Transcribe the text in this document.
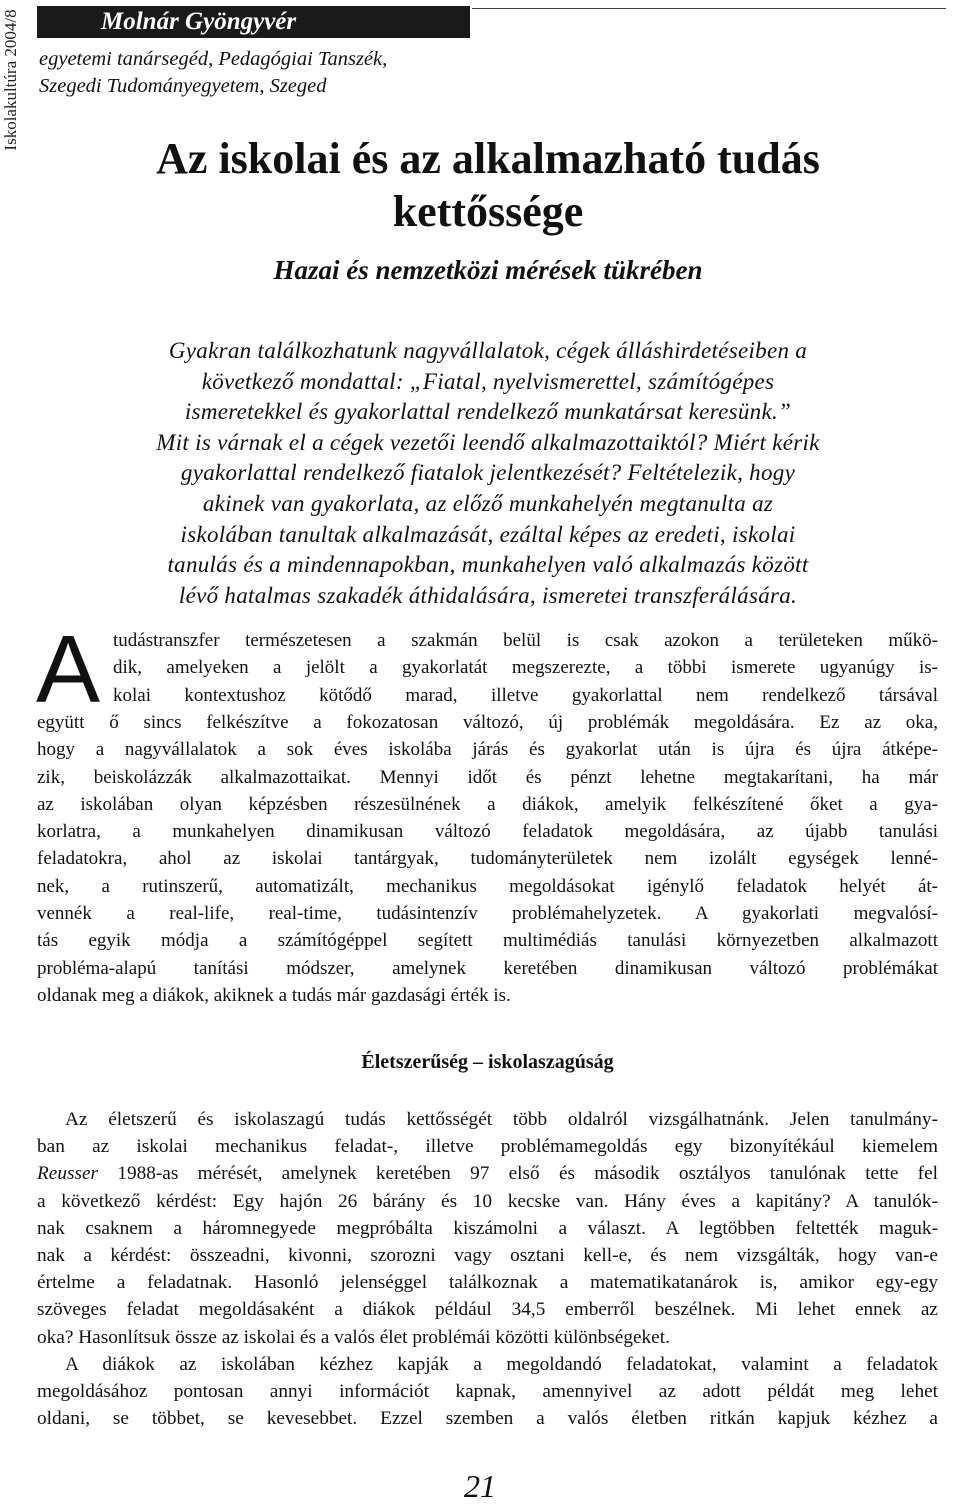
Iskolakultúra 2004/8	Molnár Gyöngyvér
egyetemi tanársegéd, Pedagógiai Tanszék,
Szegedi Tudományegyetem, Szeged
Az iskolai és az alkalmazható tudás
kettőssége
Hazai és nemzetközi mérések tükrében
Gyakran találkozhatunk nagyvállalatok, cégek álláshirdetéseiben a
következő mondattal: „Fiatal, nyelvismerettel, számítógépes
ismeretekkel és gyakorlattal rendelkező munkatársat keresünk.”
Mit is várnak el a cégek vezetői leendő alkalmazottaiktól? Miért kérik
gyakorlattal rendelkező fiatalok jelentkezését? Feltételezik, hogy
akinek van gyakorlata, az előző munkahelyén megtanulta az
iskolában tanultak alkalmazását, ezáltal képes az eredeti, iskolai
tanulás és a mindennapokban, munkahelyen való alkalmazás között
lévő hatalmas szakadék áthidalására, ismeretei transzferálására.
A tudástranszfer természetesen a szakmán belül is csak azokon a területeken műkö-
dik, amelyeken a jelölt a gyakorlatát megszerezte, a többi ismerete ugyanúgy is-
kolai kontextushoz kötődő marad, illetve gyakorlattal nem rendelkező társával
együtt ő sincs felkészítve a fokozatosan változó, új problémák megoldására. Ez az oka,
hogy a nagyvállalatok a sok éves iskolába járás és gyakorlat után is újra és újra átképe-
zik, beiskolázzák alkalmazottaikat. Mennyi időt és pénzt lehetne megtakarítani, ha már
az iskolában olyan képzésben részesülnének a diákok, amelyik felkészítené őket a gya-
korlatra, a munkahelyen dinamikusan változó feladatok megoldására, az újabb tanulási
feladatokra, ahol az iskolai tantárgyak, tudományterületek nem izolált egységek lenné-
nek, a rutinszerű, automatizált, mechanikus megoldásokat igénylő feladatok helyét át-
vennék a real-life, real-time, tudásintenzív problémahelyzetek. A gyakorlati megvalósí-
tás egyik módja a számítógéppel segített multimédiás tanulási környezetben alkalmazott
probléma-alapú tanítási módszer, amelynek keretében dinamikusan változó problémákat
oldanak meg a diákok, akiknek a tudás már gazdasági érték is.
Életszerűség – iskolaszagúság
Az életszerű és iskolaszagú tudás kettősségét több oldalról vizsgálhatnánk. Jelen tanulmány-
ban az iskolai mechanikus feladat-, illetve problémamegoldás egy bizonyítékául kiemelem
Reusser 1988-as mérését, amelynek keretében 97 első és második osztályos tanulónak tette fel
a következő kérdést: Egy hajón 26 bárány és 10 kecske van. Hány éves a kapitány? A tanulók-
nak csaknem a háromnegyede megpróbálta kiszámolni a választ. A legtöbben feltették maguk-
nak a kérdést: összeadni, kivonni, szorozni vagy osztani kell-e, és nem vizsgálták, hogy van-e
értelme a feladatnak. Hasonló jelenséggel találkoznak a matematikatanárok is, amikor egy-egy
szöveges feladat megoldásaként a diákok például 34,5 emberről beszélnek. Mi lehet ennek az
oka? Hasonlítsuk össze az iskolai és a valós élet problémái közötti különbségeket.
A diákok az iskolában kézhez kapják a megoldandó feladatokat, valamint a feladatok
megoldásához pontosan annyi információt kapnak, amennyivel az adott példát meg lehet
oldani, se többet, se kevesebbet. Ezzel szemben a valós életben ritkán kapjuk kézhez a
21
